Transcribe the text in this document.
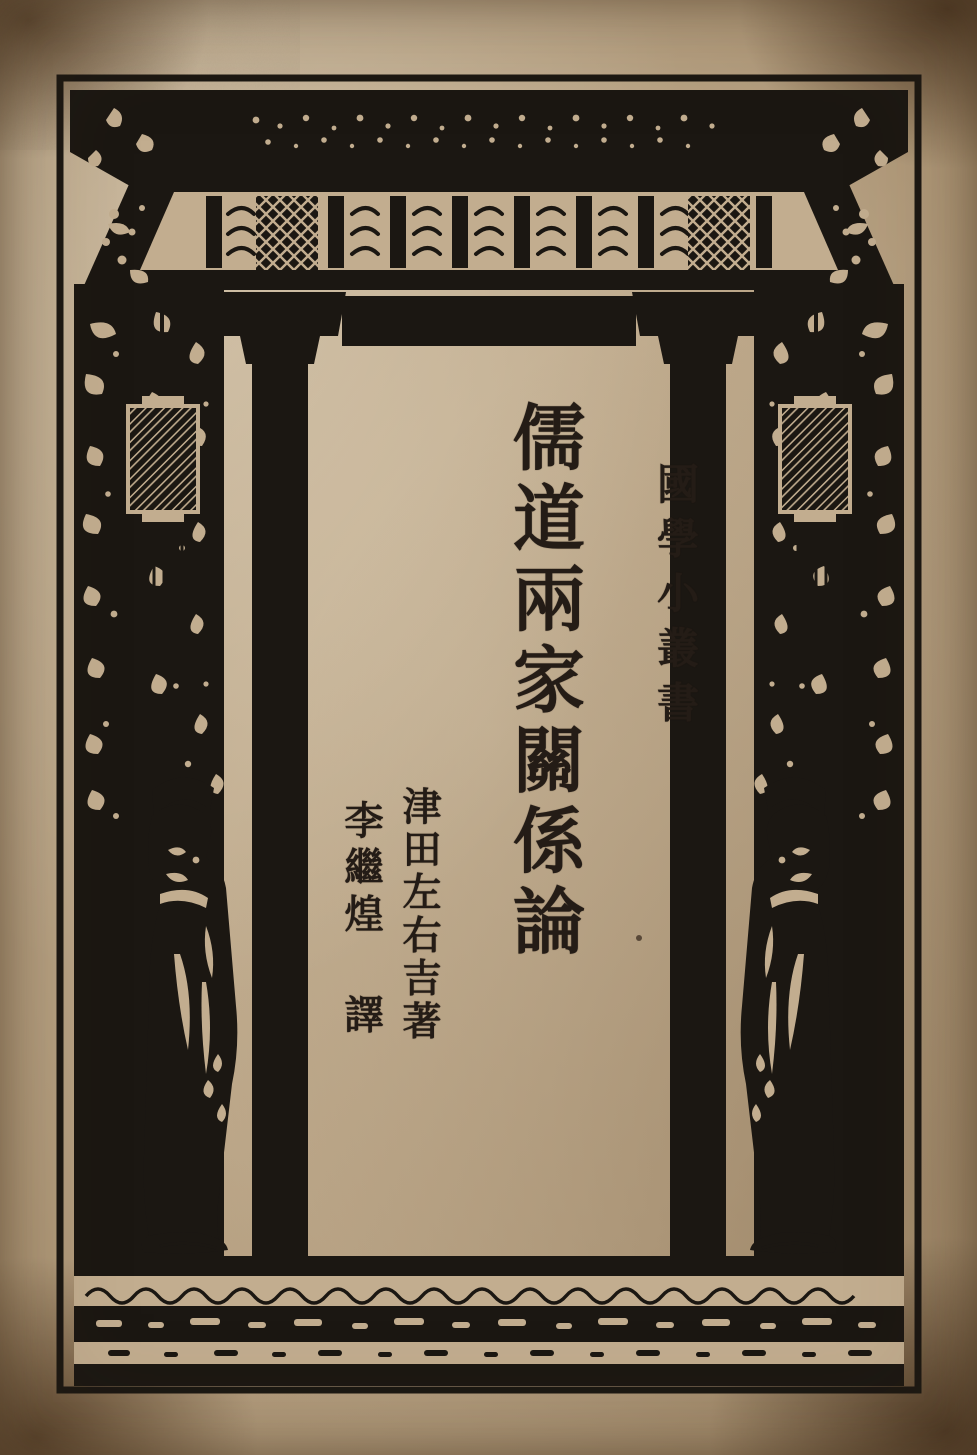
儒道兩家關係論 國學小叢書
津田左右吉著
李繼煌 譯
